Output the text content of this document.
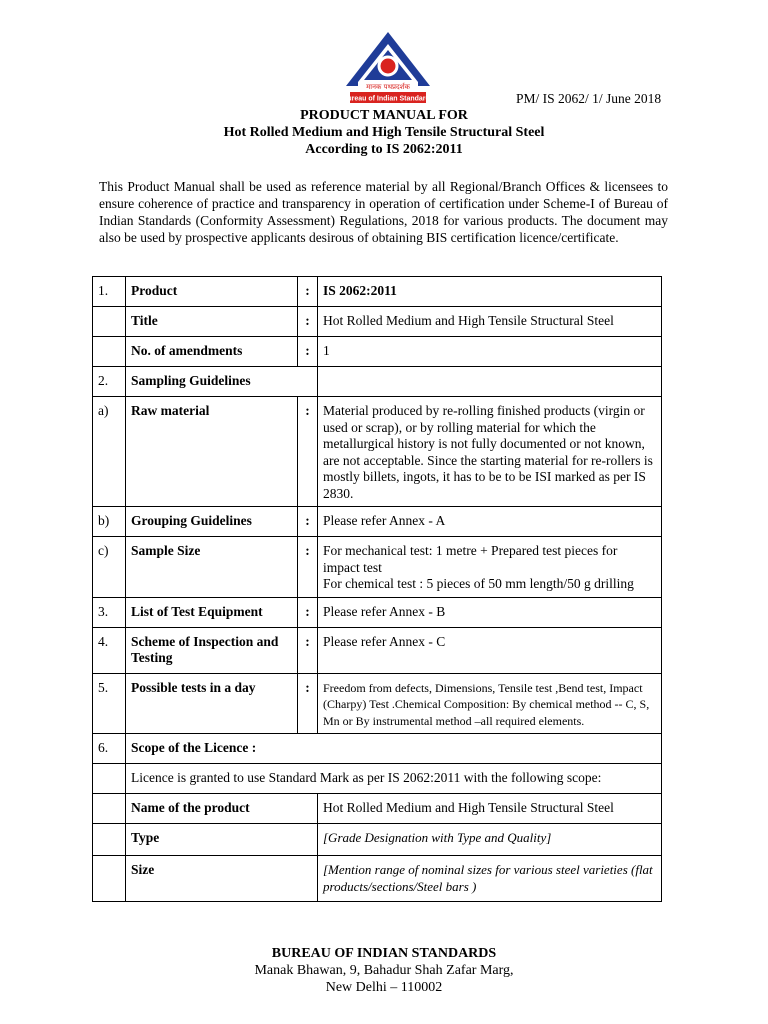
मानक पथप्रदर्शक
Bureau of Indian Standards	PM/ IS 2062/ 1/ June 2018
PRODUCT MANUAL FOR
Hot Rolled Medium and High Tensile Structural Steel
According to IS 2062:2011
This Product Manual shall be used as reference material by all Regional/Branch Offices & licensees to ensure coherence of practice and transparency in operation of certification under Scheme-I of Bureau of Indian Standards (Conformity Assessment) Regulations, 2018 for various products. The document may also be used by prospective applicants desirous of obtaining BIS certification licence/certificate.
1.	Product	:	IS 2062:2011
	Title	:	Hot Rolled Medium and High Tensile Structural Steel
	No. of amendments	:	1
2.	Sampling Guidelines		
a)	Raw material	:	Material produced by re-rolling finished products (virgin or used or scrap), or by rolling material for which the metallurgical history is not fully documented or not known, are not acceptable. Since the starting material for re-rollers is mostly billets, ingots, it has to be to be ISI marked as per IS 2830.
b)	Grouping Guidelines	:	Please refer Annex - A
c)	Sample Size	:	For mechanical test: 1 metre + Prepared test pieces for impact test
For chemical test : 5 pieces of 50 mm length/50 g drilling

3.	List of Test Equipment	:	Please refer Annex - B
4.	Scheme of Inspection and Testing	:	Please refer Annex - C
5.	Possible tests in a day	:	Freedom from defects, Dimensions, Tensile test ,Bend test, Impact (Charpy) Test .Chemical Composition: By chemical method -- C, S, Mn or By instrumental method –all required elements.
6.	Scope of the Licence :		
	Licence is granted to use Standard Mark as per IS 2062:2011 with the following scope:		
	Name of the product		Hot Rolled Medium and High Tensile Structural Steel
	Type		[Grade Designation with Type and Quality]
	Size		[Mention range of nominal sizes for various steel varieties (flat products/sections/Steel bars )
BUREAU OF INDIAN STANDARDS
Manak Bhawan, 9, Bahadur Shah Zafar Marg,
New Delhi – 110002
